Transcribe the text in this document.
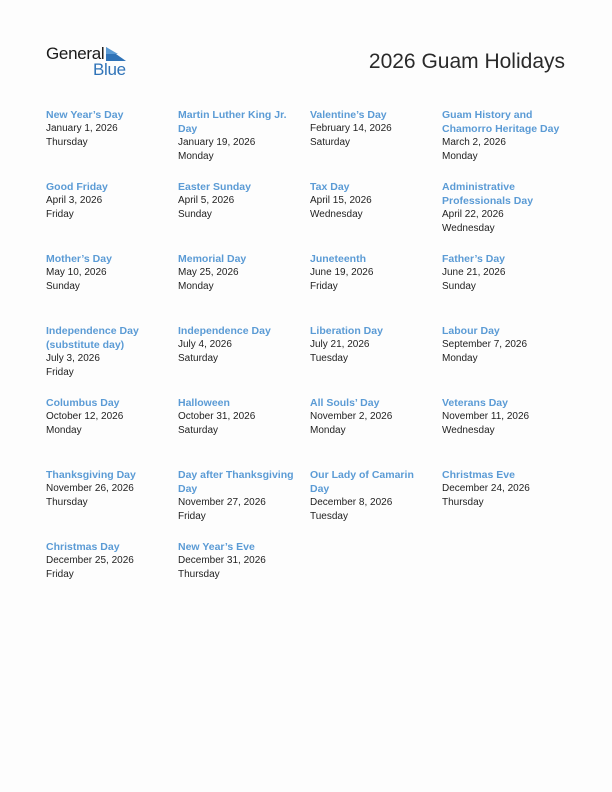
General
Blue	2026 Guam Holidays
New Year’s Day
January 1, 2026
Thursday
Martin Luther King Jr. Day
January 19, 2026
Monday
Valentine’s Day
February 14, 2026
Saturday
Guam History and Chamorro Heritage Day
March 2, 2026
Monday
Good Friday
April 3, 2026
Friday
Easter Sunday
April 5, 2026
Sunday
Tax Day
April 15, 2026
Wednesday
Administrative Professionals Day
April 22, 2026
Wednesday
Mother’s Day
May 10, 2026
Sunday
Memorial Day
May 25, 2026
Monday
Juneteenth
June 19, 2026
Friday
Father’s Day
June 21, 2026
Sunday
Independence Day (substitute day)
July 3, 2026
Friday
Independence Day
July 4, 2026
Saturday
Liberation Day
July 21, 2026
Tuesday
Labour Day
September 7, 2026
Monday
Columbus Day
October 12, 2026
Monday
Halloween
October 31, 2026
Saturday
All Souls’ Day
November 2, 2026
Monday
Veterans Day
November 11, 2026
Wednesday
Thanksgiving Day
November 26, 2026
Thursday
Day after Thanksgiving Day
November 27, 2026
Friday
Our Lady of Camarin Day
December 8, 2026
Tuesday
Christmas Eve
December 24, 2026
Thursday
Christmas Day
December 25, 2026
Friday
New Year’s Eve
December 31, 2026
Thursday
